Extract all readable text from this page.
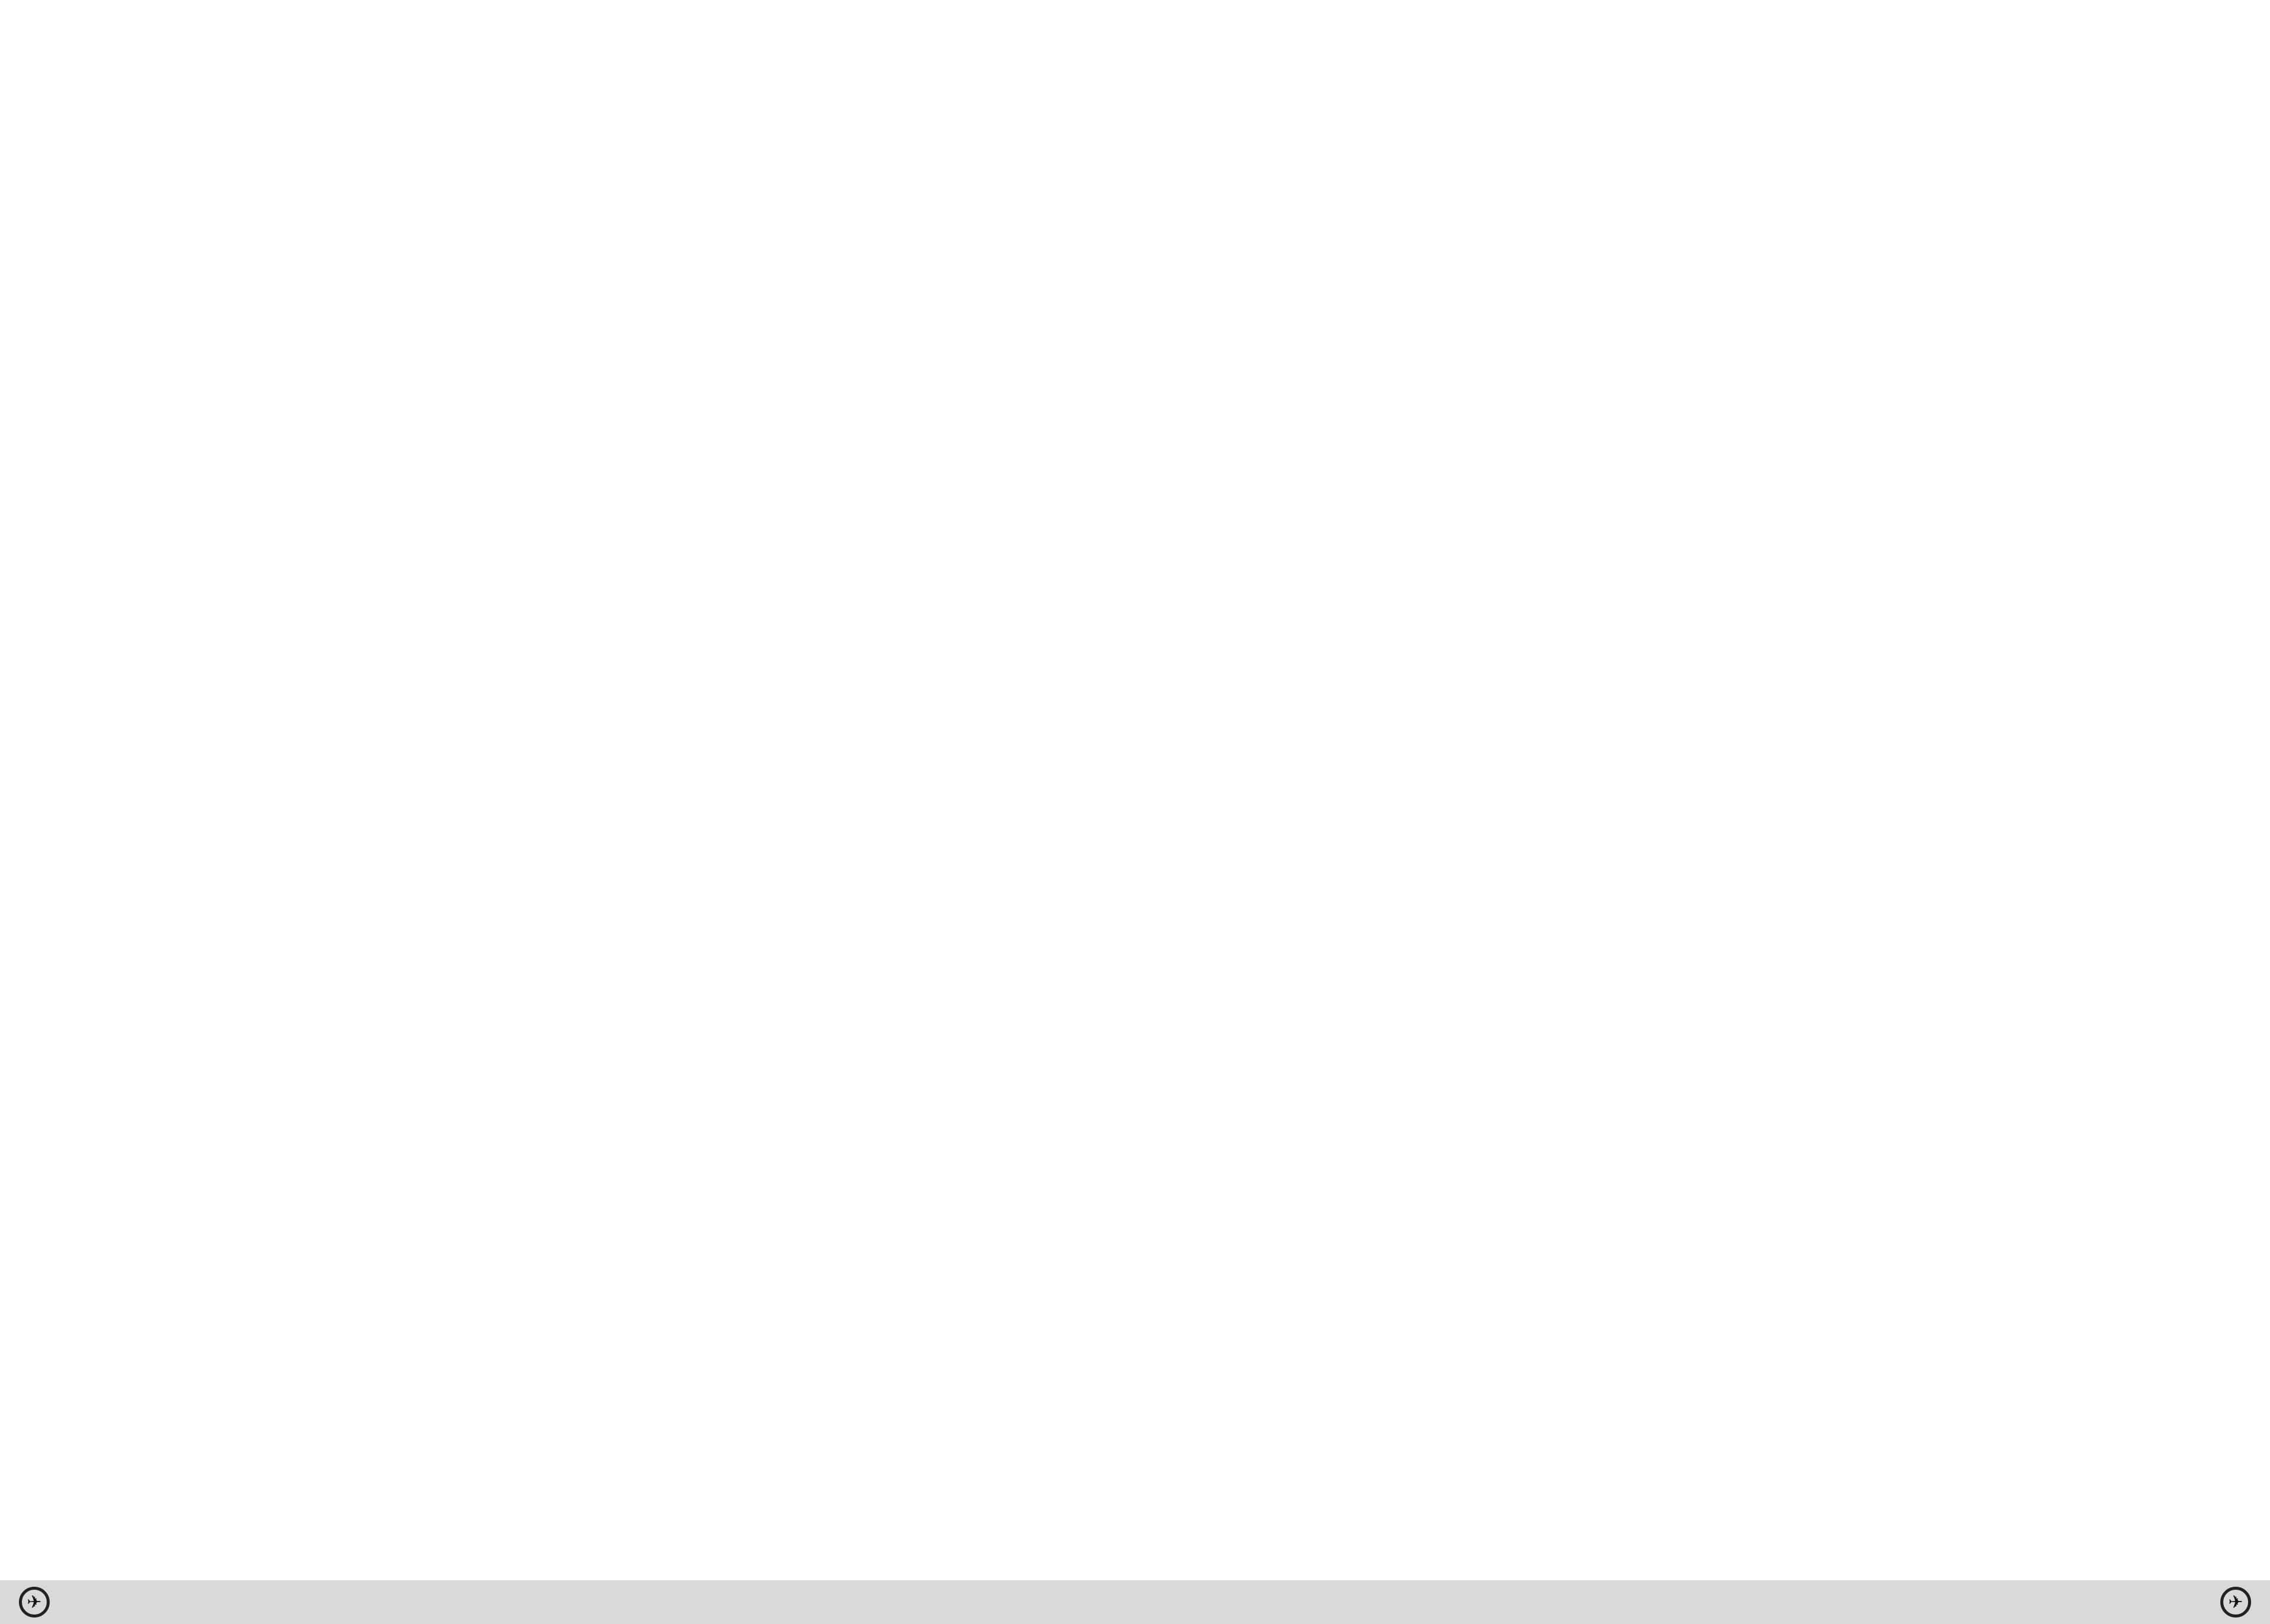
✈	✈
